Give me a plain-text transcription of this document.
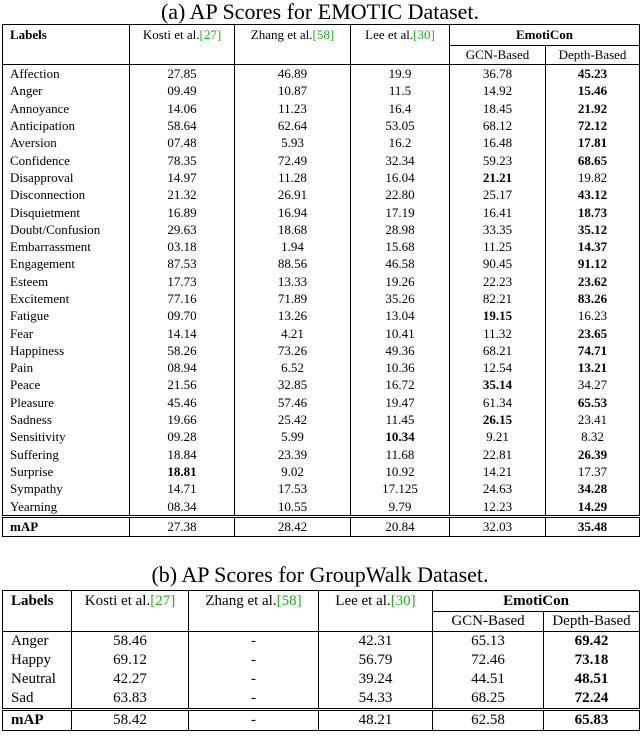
(a) AP Scores for EMOTIC Dataset.
Labels	Kosti et al.[27]	Zhang et al.[58]	Lee et al.[30]	EmotiCon	
				GCN-Based	Depth-Based
Affection	27.85	46.89	19.9	36.78	45.23
Anger	09.49	10.87	11.5	14.92	15.46
Annoyance	14.06	11.23	16.4	18.45	21.92
Anticipation	58.64	62.64	53.05	68.12	72.12
Aversion	07.48	5.93	16.2	16.48	17.81
Confidence	78.35	72.49	32.34	59.23	68.65
Disapproval	14.97	11.28	16.04	21.21	19.82
Disconnection	21.32	26.91	22.80	25.17	43.12
Disquietment	16.89	16.94	17.19	16.41	18.73
Doubt/Confusion	29.63	18.68	28.98	33.35	35.12
Embarrassment	03.18	1.94	15.68	11.25	14.37
Engagement	87.53	88.56	46.58	90.45	91.12
Esteem	17.73	13.33	19.26	22.23	23.62
Excitement	77.16	71.89	35.26	82.21	83.26
Fatigue	09.70	13.26	13.04	19.15	16.23
Fear	14.14	4.21	10.41	11.32	23.65
Happiness	58.26	73.26	49.36	68.21	74.71
Pain	08.94	6.52	10.36	12.54	13.21
Peace	21.56	32.85	16.72	35.14	34.27
Pleasure	45.46	57.46	19.47	61.34	65.53
Sadness	19.66	25.42	11.45	26.15	23.41
Sensitivity	09.28	5.99	10.34	9.21	8.32
Suffering	18.84	23.39	11.68	22.81	26.39
Surprise	18.81	9.02	10.92	14.21	17.37
Sympathy	14.71	17.53	17.125	24.63	34.28
Yearning	08.34	10.55	9.79	12.23	14.29
mAP	27.38	28.42	20.84	32.03	35.48
(b) AP Scores for GroupWalk Dataset.
Labels	Kosti et al.[27]	Zhang et al.[58]	Lee et al.[30]	EmotiCon	
				GCN-Based	Depth-Based
Anger	58.46	-	42.31	65.13	69.42
Happy	69.12	-	56.79	72.46	73.18
Neutral	42.27	-	39.24	44.51	48.51
Sad	63.83	-	54.33	68.25	72.24
mAP	58.42	-	48.21	62.58	65.83
